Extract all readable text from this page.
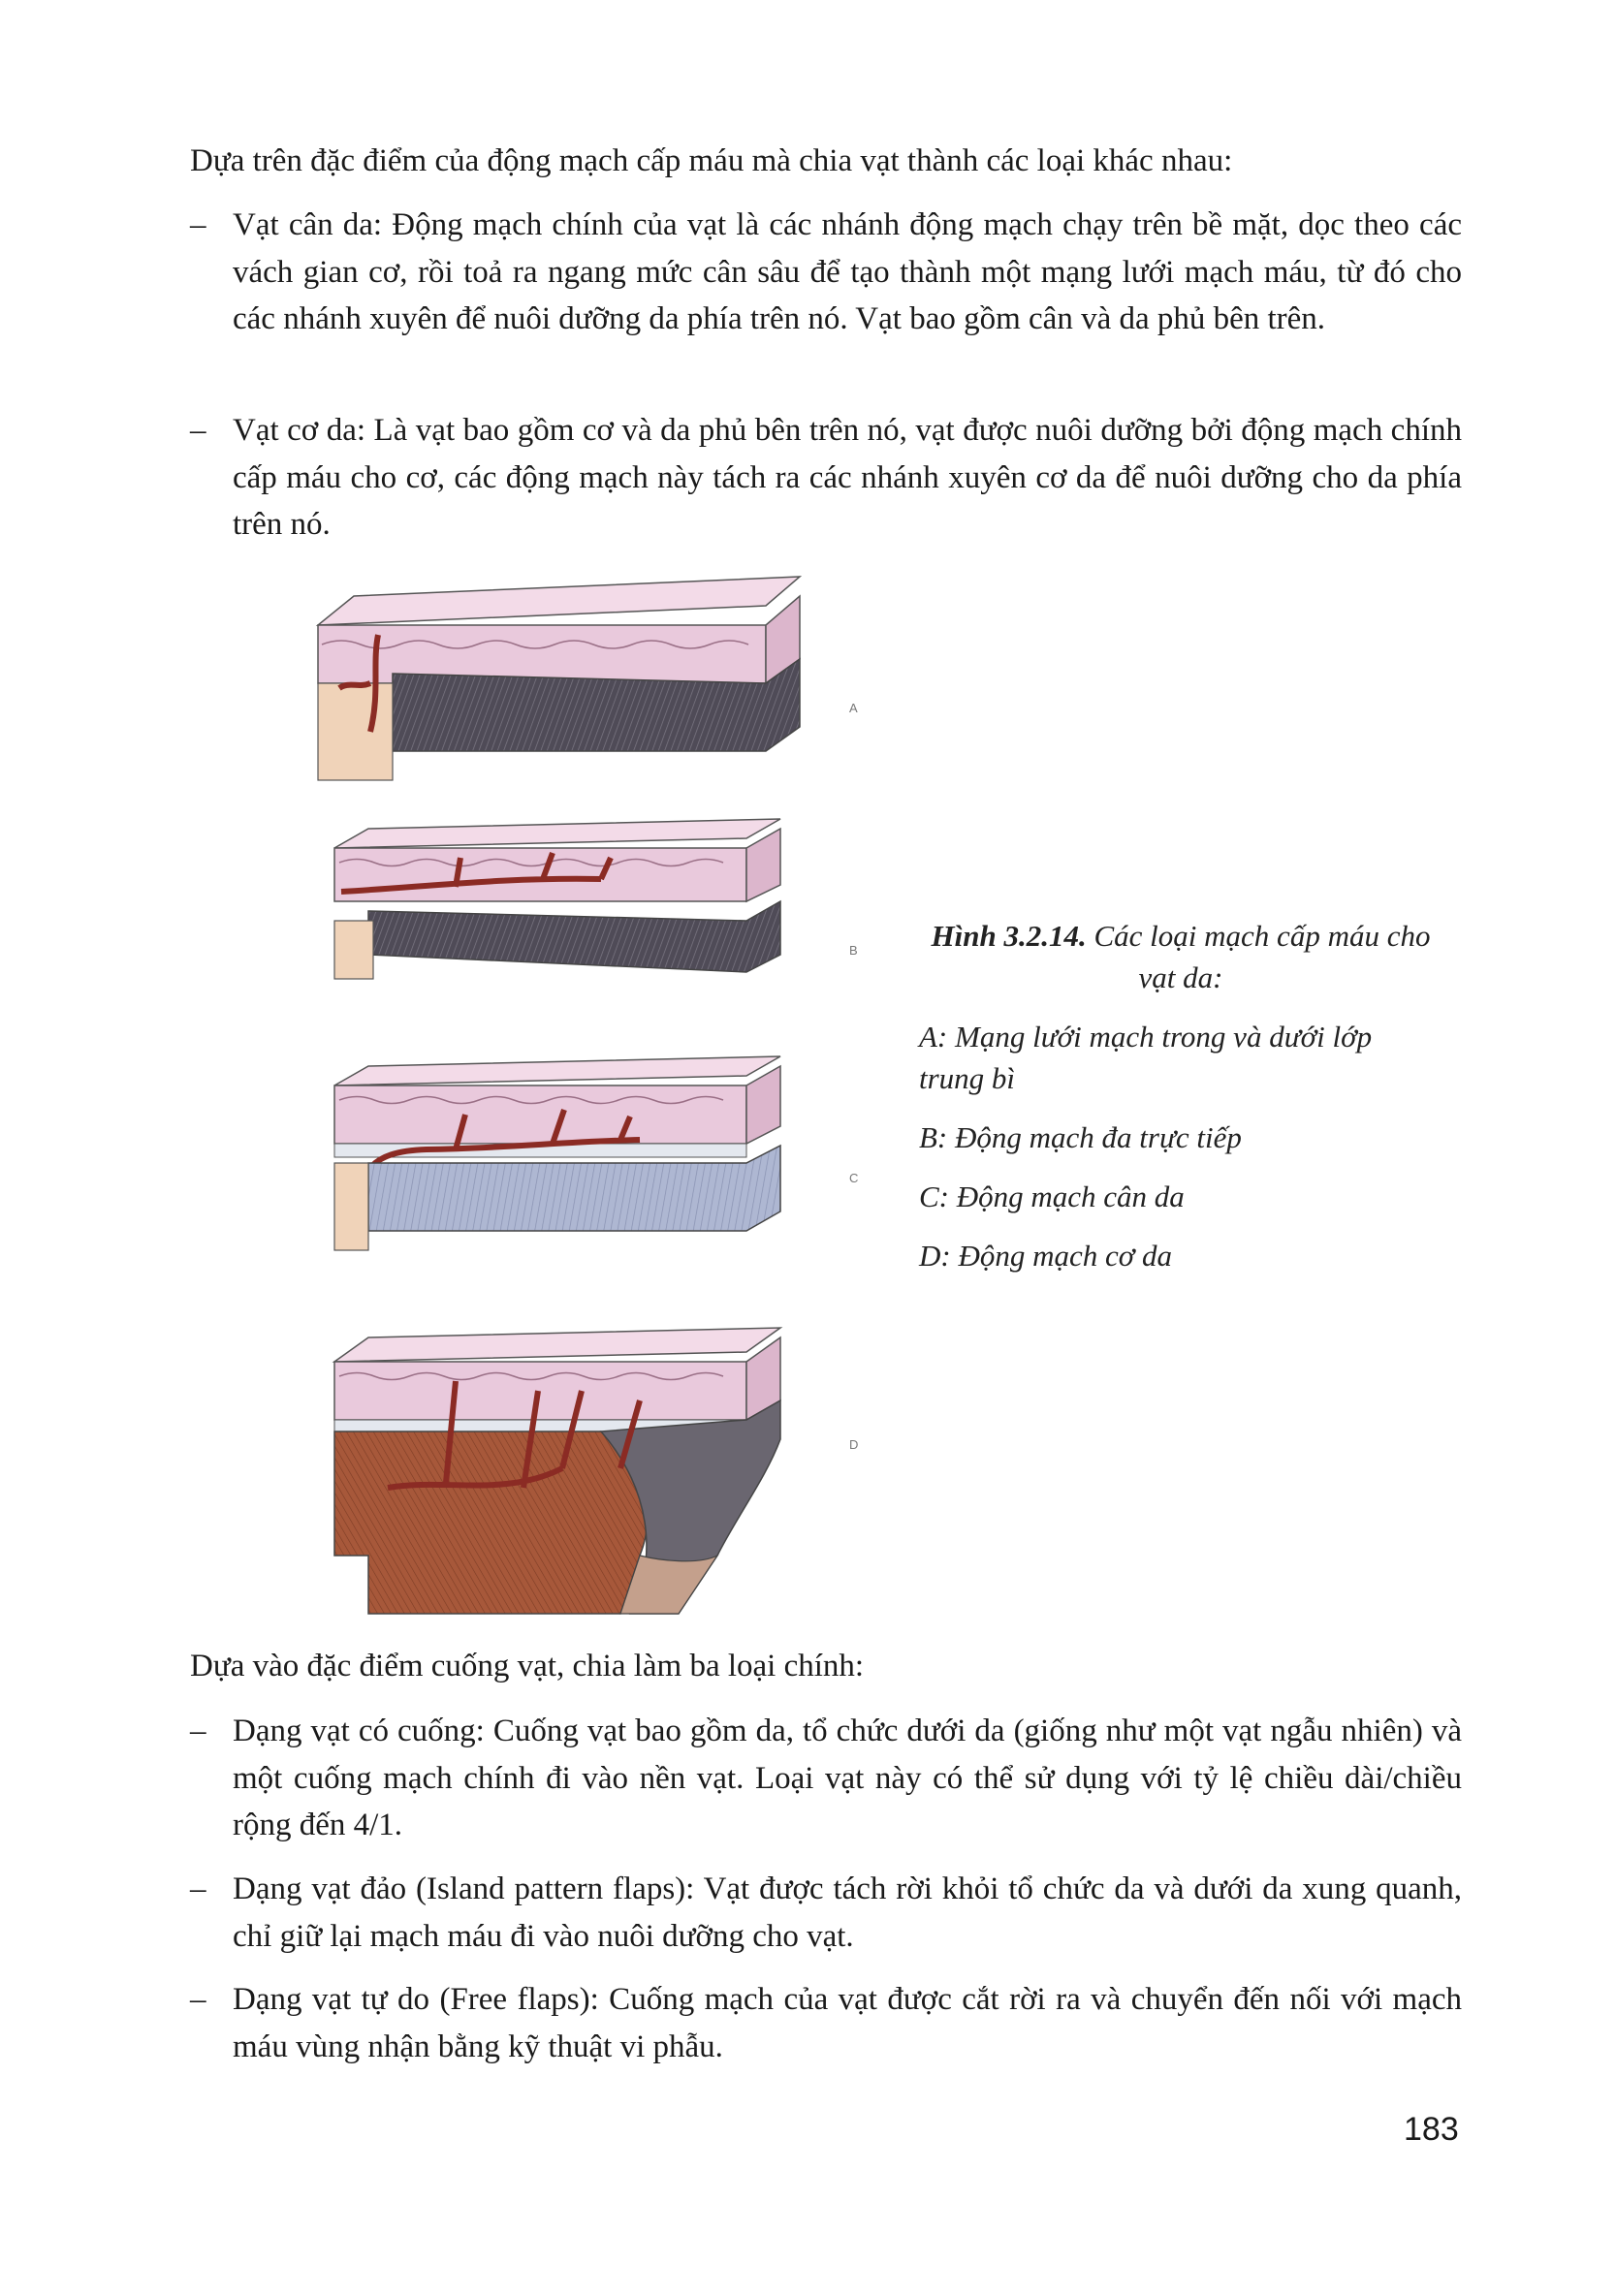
Dựa trên đặc điểm của động mạch cấp máu mà chia vạt thành các loại khác nhau:

– Vạt cân da: Động mạch chính của vạt là các nhánh động mạch chạy trên bề mặt, dọc theo các vách gian cơ, rồi toả ra ngang mức cân sâu để tạo thành một mạng lưới mạch máu, từ đó cho các nhánh xuyên để nuôi dưỡng da phía trên nó. Vạt bao gồm cân và da phủ bên trên.
– Vạt cơ da: Là vạt bao gồm cơ và da phủ bên trên nó, vạt được nuôi dưỡng bởi động mạch chính cấp máu cho cơ, các động mạch này tách ra các nhánh xuyên cơ da để nuôi dưỡng cho da phía trên nó.
A
B
C
D

Hình 3.2.14. Các loại mạch cấp máu cho vạt da:

A: Mạng lưới mạch trong và dưới lớp trung bì

B: Động mạch đa trực tiếp

C: Động mạch cân da

D: Động mạch cơ da

Dựa vào đặc điểm cuống vạt, chia làm ba loại chính:

– Dạng vạt có cuống: Cuống vạt bao gồm da, tổ chức dưới da (giống như một vạt ngẫu nhiên) và một cuống mạch chính đi vào nền vạt. Loại vạt này có thể sử dụng với tỷ lệ chiều dài/chiều rộng đến 4/1.
– Dạng vạt đảo (Island pattern flaps): Vạt được tách rời khỏi tổ chức da và dưới da xung quanh, chỉ giữ lại mạch máu đi vào nuôi dưỡng cho vạt.
– Dạng vạt tự do (Free flaps): Cuống mạch của vạt được cắt rời ra và chuyển đến nối với mạch máu vùng nhận bằng kỹ thuật vi phẫu.
183
